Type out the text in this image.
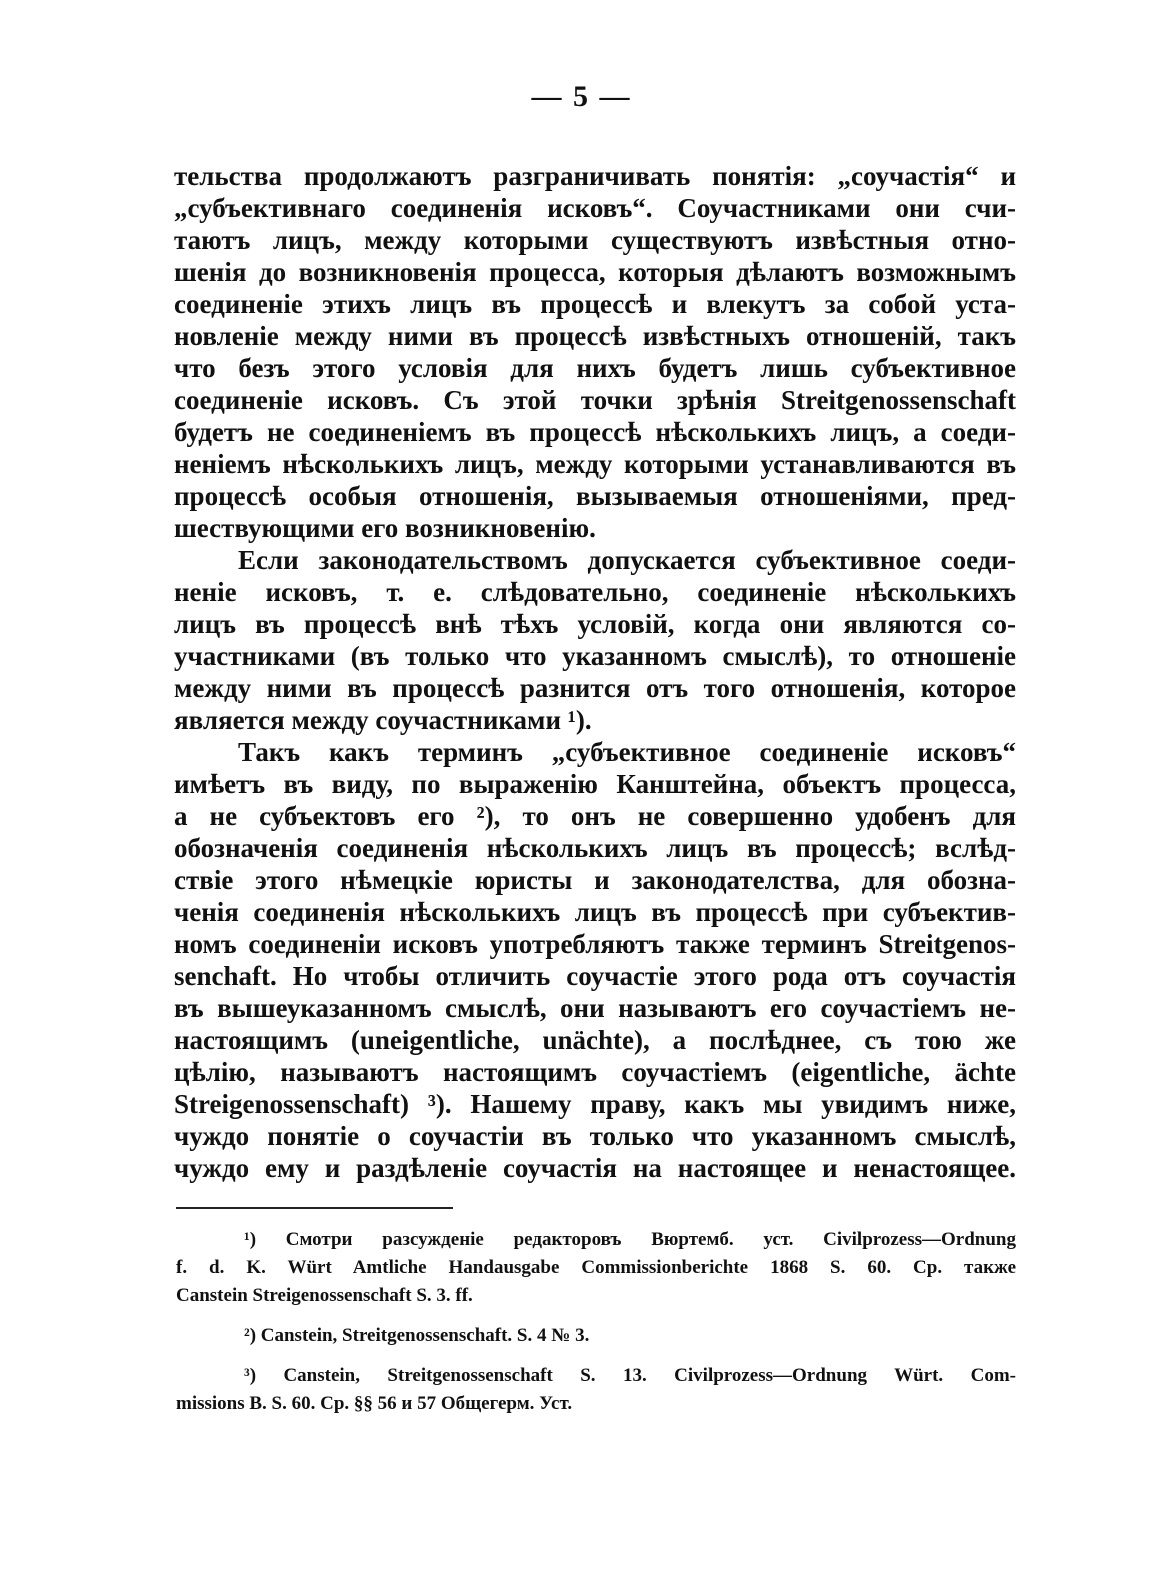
— 5 —
тельства продолжаютъ разграничивать понятія: „соучастія“ и
„субъективнаго соединенія исковъ“. Соучастниками они счи-
таютъ лицъ, между которыми существуютъ извѣстныя отно-
шенія до возникновенія процесса, которыя дѣлаютъ возможнымъ
соединеніе этихъ лицъ въ процессѣ и влекутъ за собой уста-
новленіе между ними въ процессѣ извѣстныхъ отношеній, такъ
что безъ этого условія для нихъ будетъ лишь субъективное
соединеніе исковъ. Съ этой точки зрѣнія Streitgenossenschaft
будетъ не соединеніемъ въ процессѣ нѣсколькихъ лицъ, а соеди-
неніемъ нѣсколькихъ лицъ, между которыми устанавливаются въ
процессѣ особыя отношенія, вызываемыя отношеніями, пред-
шествующими его возникновенію.
Если законодательствомъ допускается субъективное соеди-
неніе исковъ, т. е. слѣдовательно, соединеніе нѣсколькихъ
лицъ въ процессѣ внѣ тѣхъ условій, когда они являются со-
участниками (въ только что указанномъ смыслѣ), то отношеніе
между ними въ процессѣ разнится отъ того отношенія, которое
является между соучастниками ¹).
Такъ какъ терминъ „субъективное соединеніе исковъ“
имѣетъ въ виду, по выраженію Канштейна, объектъ процесса,
а не субъектовъ его ²), то онъ не совершенно удобенъ для
обозначенія соединенія нѣсколькихъ лицъ въ процессѣ; вслѣд-
ствіе этого нѣмецкіе юристы и законодателства, для обозна-
ченія соединенія нѣсколькихъ лицъ въ процессѣ при субъектив-
номъ соединеніи исковъ употребляютъ также терминъ Streitgenos-
senchaft. Но чтобы отличить соучастіе этого рода отъ соучастія
въ вышеуказанномъ смыслѣ, они называютъ его соучастіемъ не-
настоящимъ (uneigentliche, unächte), а послѣднее, съ тою же
цѣлію, называютъ настоящимъ соучастіемъ (eigentliche, ächte
Streigenossenschaft) ³). Нашему праву, какъ мы увидимъ ниже,
чуждо понятіе о соучастіи въ только что указанномъ смыслѣ,
чуждо ему и раздѣленіе соучастія на настоящее и ненастоящее.
¹) Смотри разсужденіе редакторовъ Вюртемб. уст. Civilprozess—Ordnung
f. d. K. Würt Amtliche Handausgabe Commissionberichte 1868 S. 60. Ср. также
Canstein Streigenossenschaft S. 3. ff.
²) Canstein, Streitgenossenschaft. S. 4 № 3.
³) Canstein, Streitgenossenschaft S. 13. Civilprozess—Ordnung Würt. Com-
missions B. S. 60. Ср. §§ 56 и 57 Общегерм. Уст.
